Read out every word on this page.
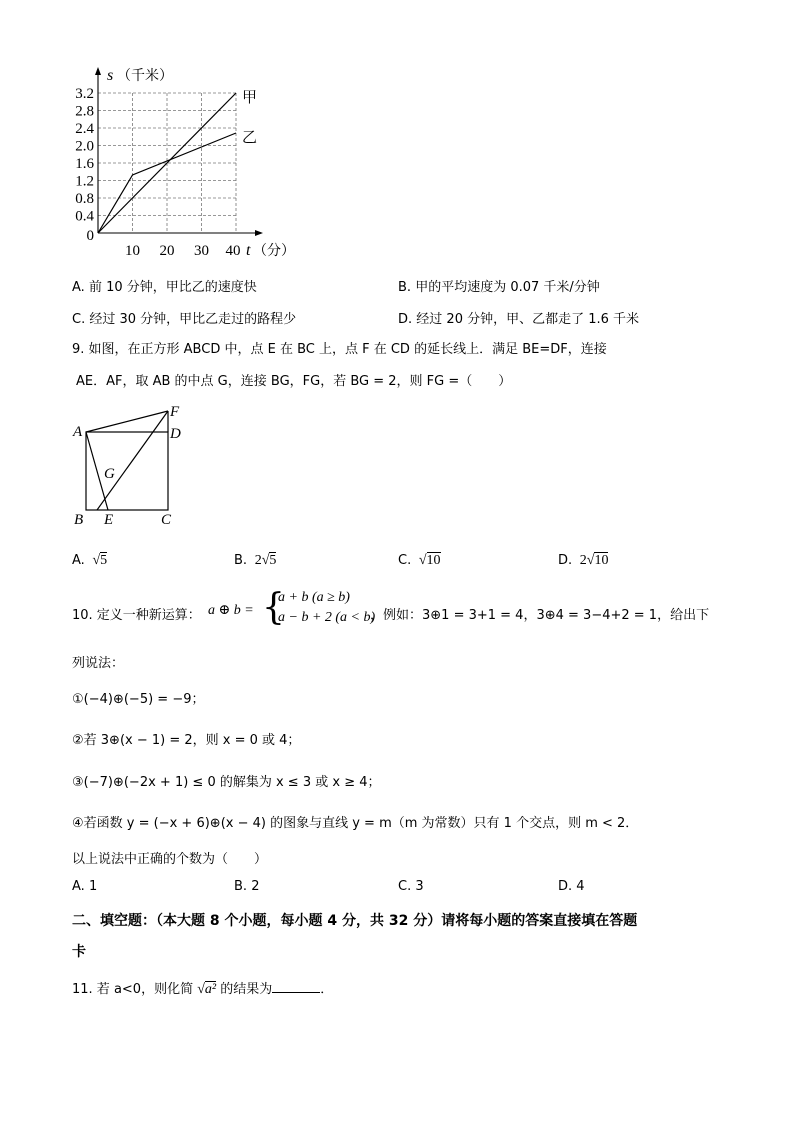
s （千米）
3.2
2.8
2.4
2.0
1.6
1.2
0.8
0.4
0
10 20 30 40 t （分）
甲
乙
A. 前 10 分钟，甲比乙的速度快	B. 甲的平均速度为 0.07 千米/分钟
C. 经过 30 分钟，甲比乙走过的路程少	D. 经过 20 分钟，甲、乙都走了 1.6 千米
9. 如图，在正方形 ABCD 中，点 E 在 BC 上，点 F 在 CD 的延长线上．满足 BE=DF，连接
AE．AF，取 AB 的中点 G，连接 BG，FG，若 BG = 2，则 FG =（　　）
A
F
D
G
B E	C
A. √5	B. 2√5	C. √10	D. 2√10
10. 定义一种新运算： a ⊕ b = {
a + b (a ≥ b)
a − b + 2 (a < b)
，例如：3⊕1 = 3+1 = 4，3⊕4 = 3−4+2 = 1，给出下
列说法：
①(−4)⊕(−5) = −9；
②若 3⊕(x − 1) = 2，则 x = 0 或 4；
③(−7)⊕(−2x + 1) ≤ 0 的解集为 x ≤ 3 或 x ≥ 4；
④若函数 y = (−x + 6)⊕(x − 4) 的图象与直线 y = m（m 为常数）只有 1 个交点，则 m < 2．
以上说法中正确的个数为（　　）
A. 1	B. 2	C. 3	D. 4
二、填空题：（本大题 8 个小题，每小题 4 分，共 32 分）请将每小题的答案直接填在答题
卡
11. 若 a<0，则化简 √a² 的结果为	．
